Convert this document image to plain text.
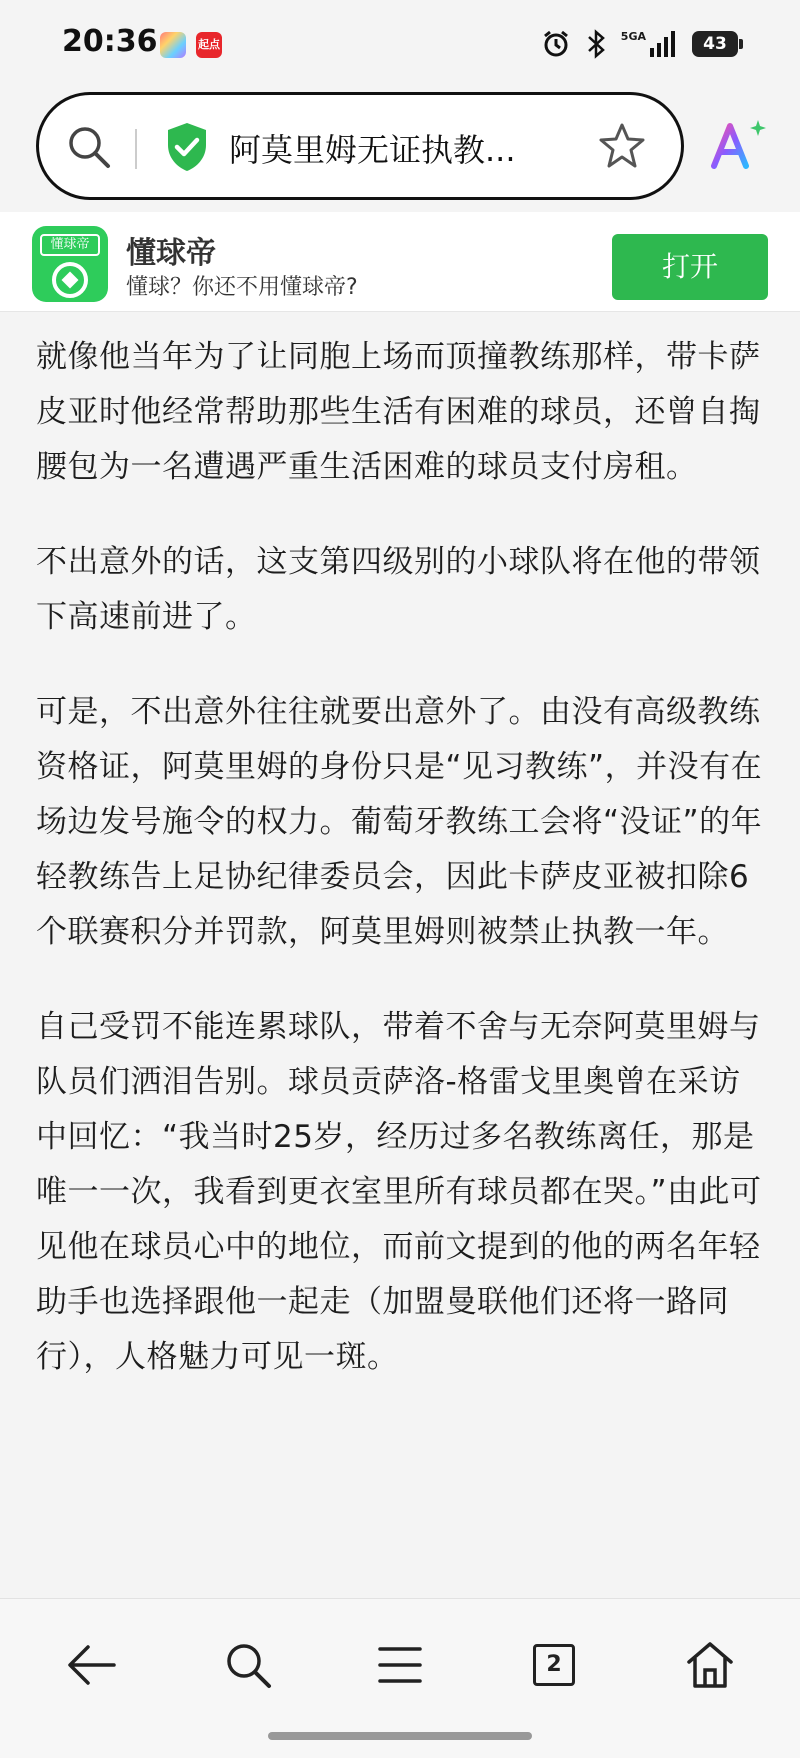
20:36	起点
5GA	43
阿莫里姆无证执教...
懂球帝	懂球帝
懂球？你还不用懂球帝?
打开

就像他当年为了让同胞上场而顶撞教练那样，带卡萨皮亚时他经常帮助那些生活有困难的球员，还曾自掏腰包为一名遭遇严重生活困难的球员支付房租。

不出意外的话，这支第四级别的小球队将在他的带领下高速前进了。

可是，不出意外往往就要出意外了。由没有高级教练资格证，阿莫里姆的身份只是“见习教练”，并没有在场边发号施令的权力。葡萄牙教练工会将“没证”的年轻教练告上足协纪律委员会，因此卡萨皮亚被扣除6个联赛积分并罚款，阿莫里姆则被禁止执教一年。

自己受罚不能连累球队，带着不舍与无奈阿莫里姆与队员们洒泪告别。球员贡萨洛-格雷戈里奥曾在采访中回忆：“我当时25岁，经历过多名教练离任，那是唯一一次，我看到更衣室里所有球员都在哭。”由此可见他在球员心中的地位，而前文提到的他的两名年轻助手也选择跟他一起走（加盟曼联他们还将一路同行），人格魅力可见一斑。

2
